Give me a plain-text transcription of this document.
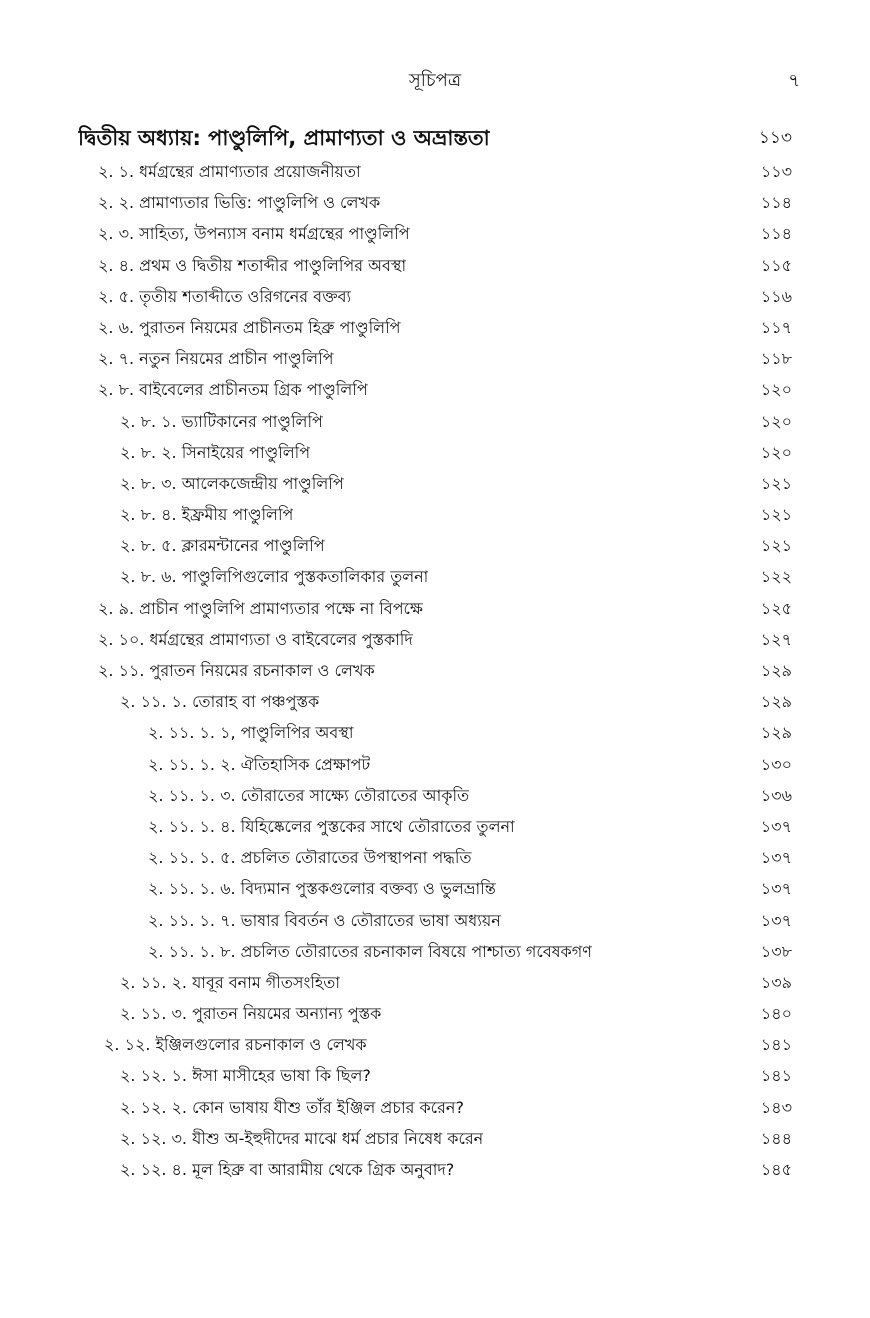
সূচিপত্র	৭
দ্বিতীয় অধ্যায়: পাণ্ডুলিপি, প্রামাণ্যতা ও অভ্রান্ততা	১১৩
২. ১. ধর্মগ্রন্থের প্রামাণ্যতার প্রয়োজনীয়তা	১১৩
২. ২. প্রামাণ্যতার ভিত্তি: পাণ্ডুলিপি ও লেখক	১১৪
২. ৩. সাহিত্য, উপন্যাস বনাম ধর্মগ্রন্থের পাণ্ডুলিপি	১১৪
২. ৪. প্রথম ও দ্বিতীয় শতাব্দীর পাণ্ডুলিপির অবস্থা	১১৫
২. ৫. তৃতীয় শতাব্দীতে ওরিগনের বক্তব্য	১১৬
২. ৬. পুরাতন নিয়মের প্রাচীনতম হিব্রু পাণ্ডুলিপি	১১৭
২. ৭. নতুন নিয়মের প্রাচীন পাণ্ডুলিপি	১১৮
২. ৮. বাইবেলের প্রাচীনতম গ্রিক পাণ্ডুলিপি	১২০
২. ৮. ১. ভ্যাটিকানের পাণ্ডুলিপি	১২০
২. ৮. ২. সিনাইয়ের পাণ্ডুলিপি	১২০
২. ৮. ৩. আলেকজেন্দ্রীয় পাণ্ডুলিপি	১২১
২. ৮. ৪. ইফ্রমীয় পাণ্ডুলিপি	১২১
২. ৮. ৫. ক্লারমন্টানের পাণ্ডুলিপি	১২১
২. ৮. ৬. পাণ্ডুলিপিগুলোর পুস্তকতালিকার তুলনা	১২২
২. ৯. প্রাচীন পাণ্ডুলিপি প্রামাণ্যতার পক্ষে না বিপক্ষে	১২৫
২. ১০. ধর্মগ্রন্থের প্রামাণ্যতা ও বাইবেলের পুস্তকাদি	১২৭
২. ১১. পুরাতন নিয়মের রচনাকাল ও লেখক	১২৯
২. ১১. ১. তোরাহ বা পঞ্চপুস্তক	১২৯
২. ১১. ১. ১, পাণ্ডুলিপির অবস্থা	১২৯
২. ১১. ১. ২. ঐতিহাসিক প্রেক্ষাপট	১৩০
২. ১১. ১. ৩. তৌরাতের সাক্ষ্যে তৌরাতের আকৃতি	১৩৬
২. ১১. ১. ৪. যিহিষ্কেলের পুস্তকের সাথে তৌরাতের তুলনা	১৩৭
২. ১১. ১. ৫. প্রচলিত তৌরাতের উপস্থাপনা পদ্ধতি	১৩৭
২. ১১. ১. ৬. বিদ্যমান পুস্তকগুলোর বক্তব্য ও ভুলভ্রান্তি	১৩৭
২. ১১. ১. ৭. ভাষার বিবর্তন ও তৌরাতের ভাষা অধ্যয়ন	১৩৭
২. ১১. ১. ৮. প্রচলিত তৌরাতের রচনাকাল বিষয়ে পাশ্চাত্য গবেষকগণ	১৩৮
২. ১১. ২. যাবূর বনাম গীতসংহিতা	১৩৯
২. ১১. ৩. পুরাতন নিয়মের অন্যান্য পুস্তক	১৪০
২. ১২. ইঞ্জিলগুলোর রচনাকাল ও লেখক	১৪১
২. ১২. ১. ঈসা মাসীহের ভাষা কি ছিল?	১৪১
২. ১২. ২. কোন ভাষায় যীশু তাঁর ইঞ্জিল প্রচার করেন?	১৪৩
২. ১২. ৩. যীশু অ-ইহুদীদের মাঝে ধর্ম প্রচার নিষেধ করেন	১৪৪
২. ১২. ৪. মূল হিব্রু বা আরামীয় থেকে গ্রিক অনুবাদ?	১৪৫
